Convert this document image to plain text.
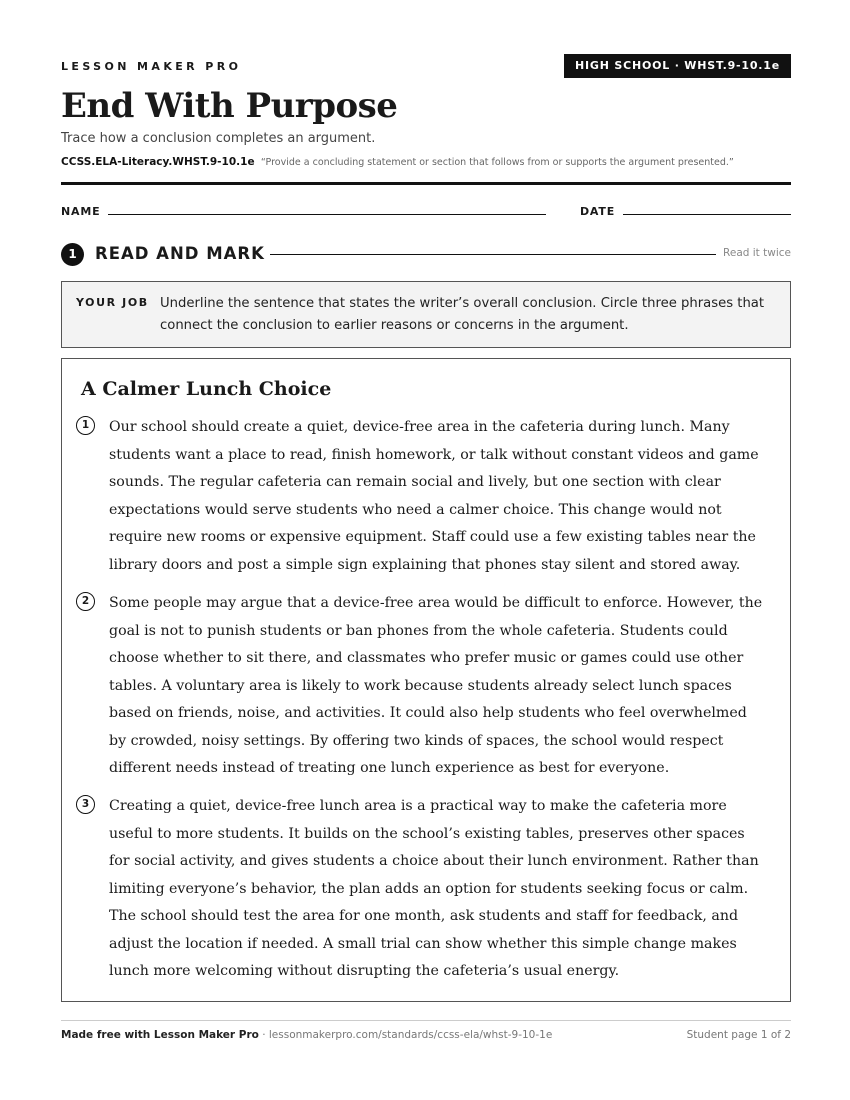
LESSON MAKER PRO	HIGH SCHOOL · WHST.9-10.1e
End With Purpose
Trace how a conclusion completes an argument.
CCSS.ELA-Literacy.WHST.9-10.1e “Provide a concluding statement or section that follows from or supports the argument presented.”
NAME	DATE
1	READ AND MARK	Read it twice
YOUR JOB Underline the sentence that states the writer’s overall conclusion. Circle three phrases that connect the conclusion to earlier reasons or concerns in the argument.
A Calmer Lunch Choice
1	Our school should create a quiet, device-free area in the cafeteria during lunch. Many students want a place to read, finish homework, or talk without constant videos and game sounds. The regular cafeteria can remain social and lively, but one section with clear expectations would serve students who need a calmer choice. This change would not require new rooms or expensive equipment. Staff could use a few existing tables near the library doors and post a simple sign explaining that phones stay silent and stored away.

2	Some people may argue that a device-free area would be difficult to enforce. However, the goal is not to punish students or ban phones from the whole cafeteria. Students could choose whether to sit there, and classmates who prefer music or games could use other tables. A voluntary area is likely to work because students already select lunch spaces based on friends, noise, and activities. It could also help students who feel overwhelmed by crowded, noisy settings. By offering two kinds of spaces, the school would respect different needs instead of treating one lunch experience as best for everyone.

3	Creating a quiet, device-free lunch area is a practical way to make the cafeteria more useful to more students. It builds on the school’s existing tables, preserves other spaces for social activity, and gives students a choice about their lunch environment. Rather than limiting everyone’s behavior, the plan adds an option for students seeking focus or calm. The school should test the area for one month, ask students and staff for feedback, and adjust the location if needed. A small trial can show whether this simple change makes lunch more welcoming without disrupting the cafeteria’s usual energy.

Made free with Lesson Maker Pro · lessonmakerpro.com/standards/ccss-ela/whst-9-10-1e	Student page 1 of 2
